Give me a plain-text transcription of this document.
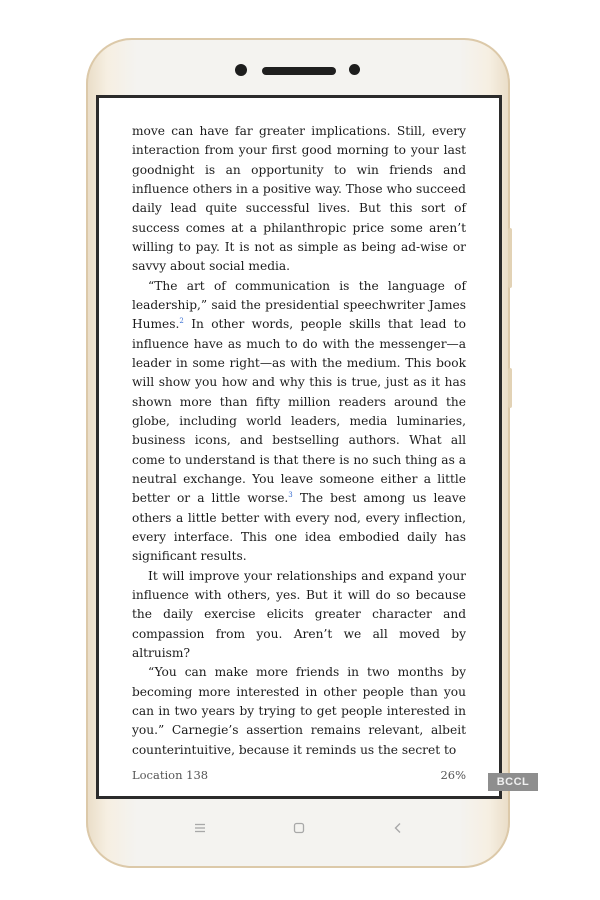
move can have far greater implications. Still, every interaction from your first good morning to your last goodnight is an opportunity to win friends and influence others in a positive way. Those who succeed daily lead quite successful lives. But this sort of success comes at a philanthropic price some aren’t willing to pay. It is not as simple as being ad-wise or savvy about social media.

“The art of communication is the language of leadership,” said the presidential speechwriter James Humes.$^2$ In other words, people skills that lead to influence have as much to do with the messenger—a leader in some right—as with the medium. This book will show you how and why this is true, just as it has shown more than fifty million readers around the globe, including world leaders, media luminaries, business icons, and bestselling authors. What all come to understand is that there is no such thing as a neutral exchange. You leave someone either a little better or a little worse.$^3$ The best among us leave others a little better with every nod, every inflection, every interface. This one idea embodied daily has significant results.

It will improve your relationships and expand your influence with others, yes. But it will do so because the daily exercise elicits greater character and compassion from you. Aren’t we all moved by altruism?

“You can make more friends in two months by becoming more interested in other people than you can in two years by trying to get people interested in you.” Carnegie’s assertion remains relevant, albeit counterintuitive, because it reminds us the secret to

Location 138	26%	BCCL
